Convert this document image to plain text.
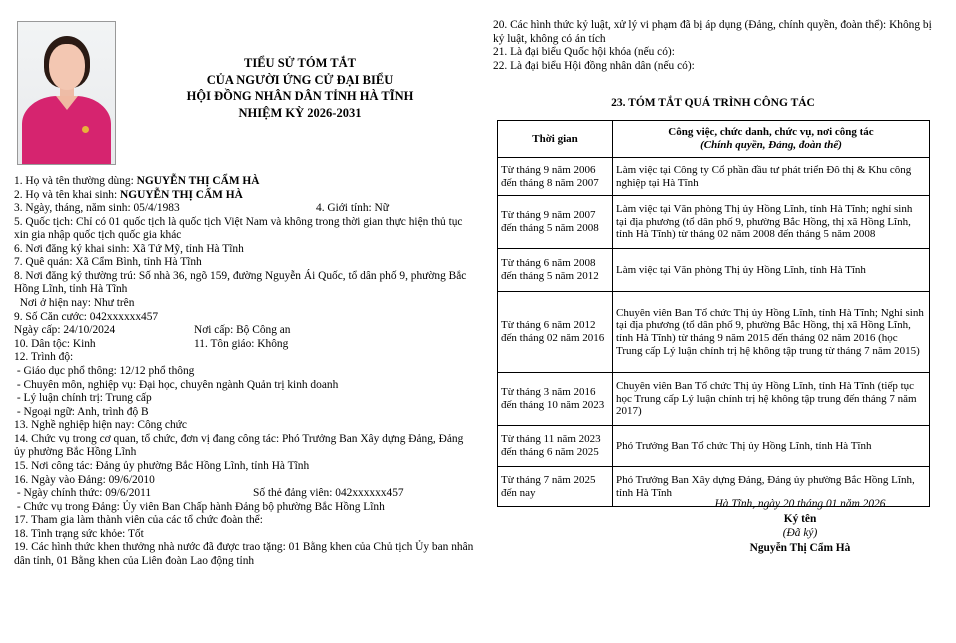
TIỂU SỬ TÓM TẮT
CỦA NGƯỜI ỨNG CỬ ĐẠI BIỂU
HỘI ĐỒNG NHÂN DÂN TỈNH HÀ TĨNH
NHIỆM KỲ 2026-2031
1. Họ và tên thường dùng: NGUYỄN THỊ CẨM HÀ
2. Họ và tên khai sinh: NGUYỄN THỊ CẨM HÀ
3. Ngày, tháng, năm sinh: 05/4/1983	4. Giới tính: Nữ
5. Quốc tịch: Chỉ có 01 quốc tịch là quốc tịch Việt Nam và không trong thời gian thực hiện thủ tục xin gia nhập quốc tịch quốc gia khác
6. Nơi đăng ký khai sinh: Xã Tứ Mỹ, tỉnh Hà Tĩnh
7. Quê quán: Xã Cẩm Bình, tỉnh Hà Tĩnh
8. Nơi đăng ký thường trú: Số nhà 36, ngõ 159, đường Nguyễn Ái Quốc, tổ dân phố 9, phường Bắc Hồng Lĩnh, tỉnh Hà Tĩnh
Nơi ở hiện nay: Như trên
9. Số Căn cước: 042xxxxxx457
Ngày cấp: 24/10/2024	Nơi cấp: Bộ Công an
10. Dân tộc: Kinh	11. Tôn giáo: Không
12. Trình độ:
- Giáo dục phổ thông: 12/12 phổ thông
- Chuyên môn, nghiệp vụ: Đại học, chuyên ngành Quản trị kinh doanh
- Lý luận chính trị: Trung cấp
- Ngoại ngữ: Anh, trình độ B
13. Nghề nghiệp hiện nay: Công chức
14. Chức vụ trong cơ quan, tổ chức, đơn vị đang công tác: Phó Trưởng Ban Xây dựng Đảng, Đảng ủy phường Bắc Hồng Lĩnh
15. Nơi công tác: Đảng ủy phường Bắc Hồng Lĩnh, tỉnh Hà Tĩnh
16. Ngày vào Đảng: 09/6/2010
- Ngày chính thức: 09/6/2011	Số thẻ đảng viên: 042xxxxxx457
- Chức vụ trong Đảng: Ủy viên Ban Chấp hành Đảng bộ phường Bắc Hồng Lĩnh
17. Tham gia làm thành viên của các tổ chức đoàn thể:
18. Tình trạng sức khỏe: Tốt
19. Các hình thức khen thưởng nhà nước đã được trao tặng: 01 Bằng khen của Chủ tịch Ủy ban nhân dân tỉnh, 01 Bằng khen của Liên đoàn Lao động tỉnh
20. Các hình thức kỷ luật, xử lý vi phạm đã bị áp dụng (Đảng, chính quyền, đoàn thể): Không bị kỷ luật, không có án tích
21. Là đại biểu Quốc hội khóa (nếu có):
22. Là đại biểu Hội đồng nhân dân (nếu có):
23. TÓM TẮT QUÁ TRÌNH CÔNG TÁC
Thời gian	Công việc, chức danh, chức vụ, nơi công tác
(Chính quyền, Đảng, đoàn thể)

Từ tháng 9 năm 2006 đến tháng 8 năm 2007	Làm việc tại Công ty Cổ phần đầu tư phát triển Đô thị & Khu công nghiệp tại Hà Tĩnh
Từ tháng 9 năm 2007 đến tháng 5 năm 2008	Làm việc tại Văn phòng Thị ủy Hồng Lĩnh, tỉnh Hà Tĩnh; nghỉ sinh tại địa phương (tổ dân phố 9, phường Bắc Hồng, thị xã Hồng Lĩnh, tỉnh Hà Tĩnh) từ tháng 02 năm 2008 đến tháng 5 năm 2008
Từ tháng 6 năm 2008 đến tháng 5 năm 2012	Làm việc tại Văn phòng Thị ủy Hồng Lĩnh, tỉnh Hà Tĩnh
Từ tháng 6 năm 2012 đến tháng 02 năm 2016	Chuyên viên Ban Tổ chức Thị ủy Hồng Lĩnh, tỉnh Hà Tĩnh; Nghỉ sinh tại địa phương (tổ dân phố 9, phường Bắc Hồng, thị xã Hồng Lĩnh, tỉnh Hà Tĩnh) từ tháng 9 năm 2015 đến tháng 02 năm 2016 (học Trung cấp Lý luận chính trị hệ không tập trung từ tháng 7 năm 2015)
Từ tháng 3 năm 2016 đến tháng 10 năm 2023	Chuyên viên Ban Tổ chức Thị ủy Hồng Lĩnh, tỉnh Hà Tĩnh (tiếp tục học Trung cấp Lý luận chính trị hệ không tập trung đến tháng 7 năm 2017)
Từ tháng 11 năm 2023 đến tháng 6 năm 2025	Phó Trưởng Ban Tổ chức Thị ủy Hồng Lĩnh, tỉnh Hà Tĩnh
Từ tháng 7 năm 2025 đến nay	Phó Trưởng Ban Xây dựng Đảng, Đảng ủy phường Bắc Hồng Lĩnh, tỉnh Hà Tĩnh
Hà Tĩnh, ngày 20 tháng 01 năm 2026
Ký tên
(Đã ký)
Nguyễn Thị Cẩm Hà
